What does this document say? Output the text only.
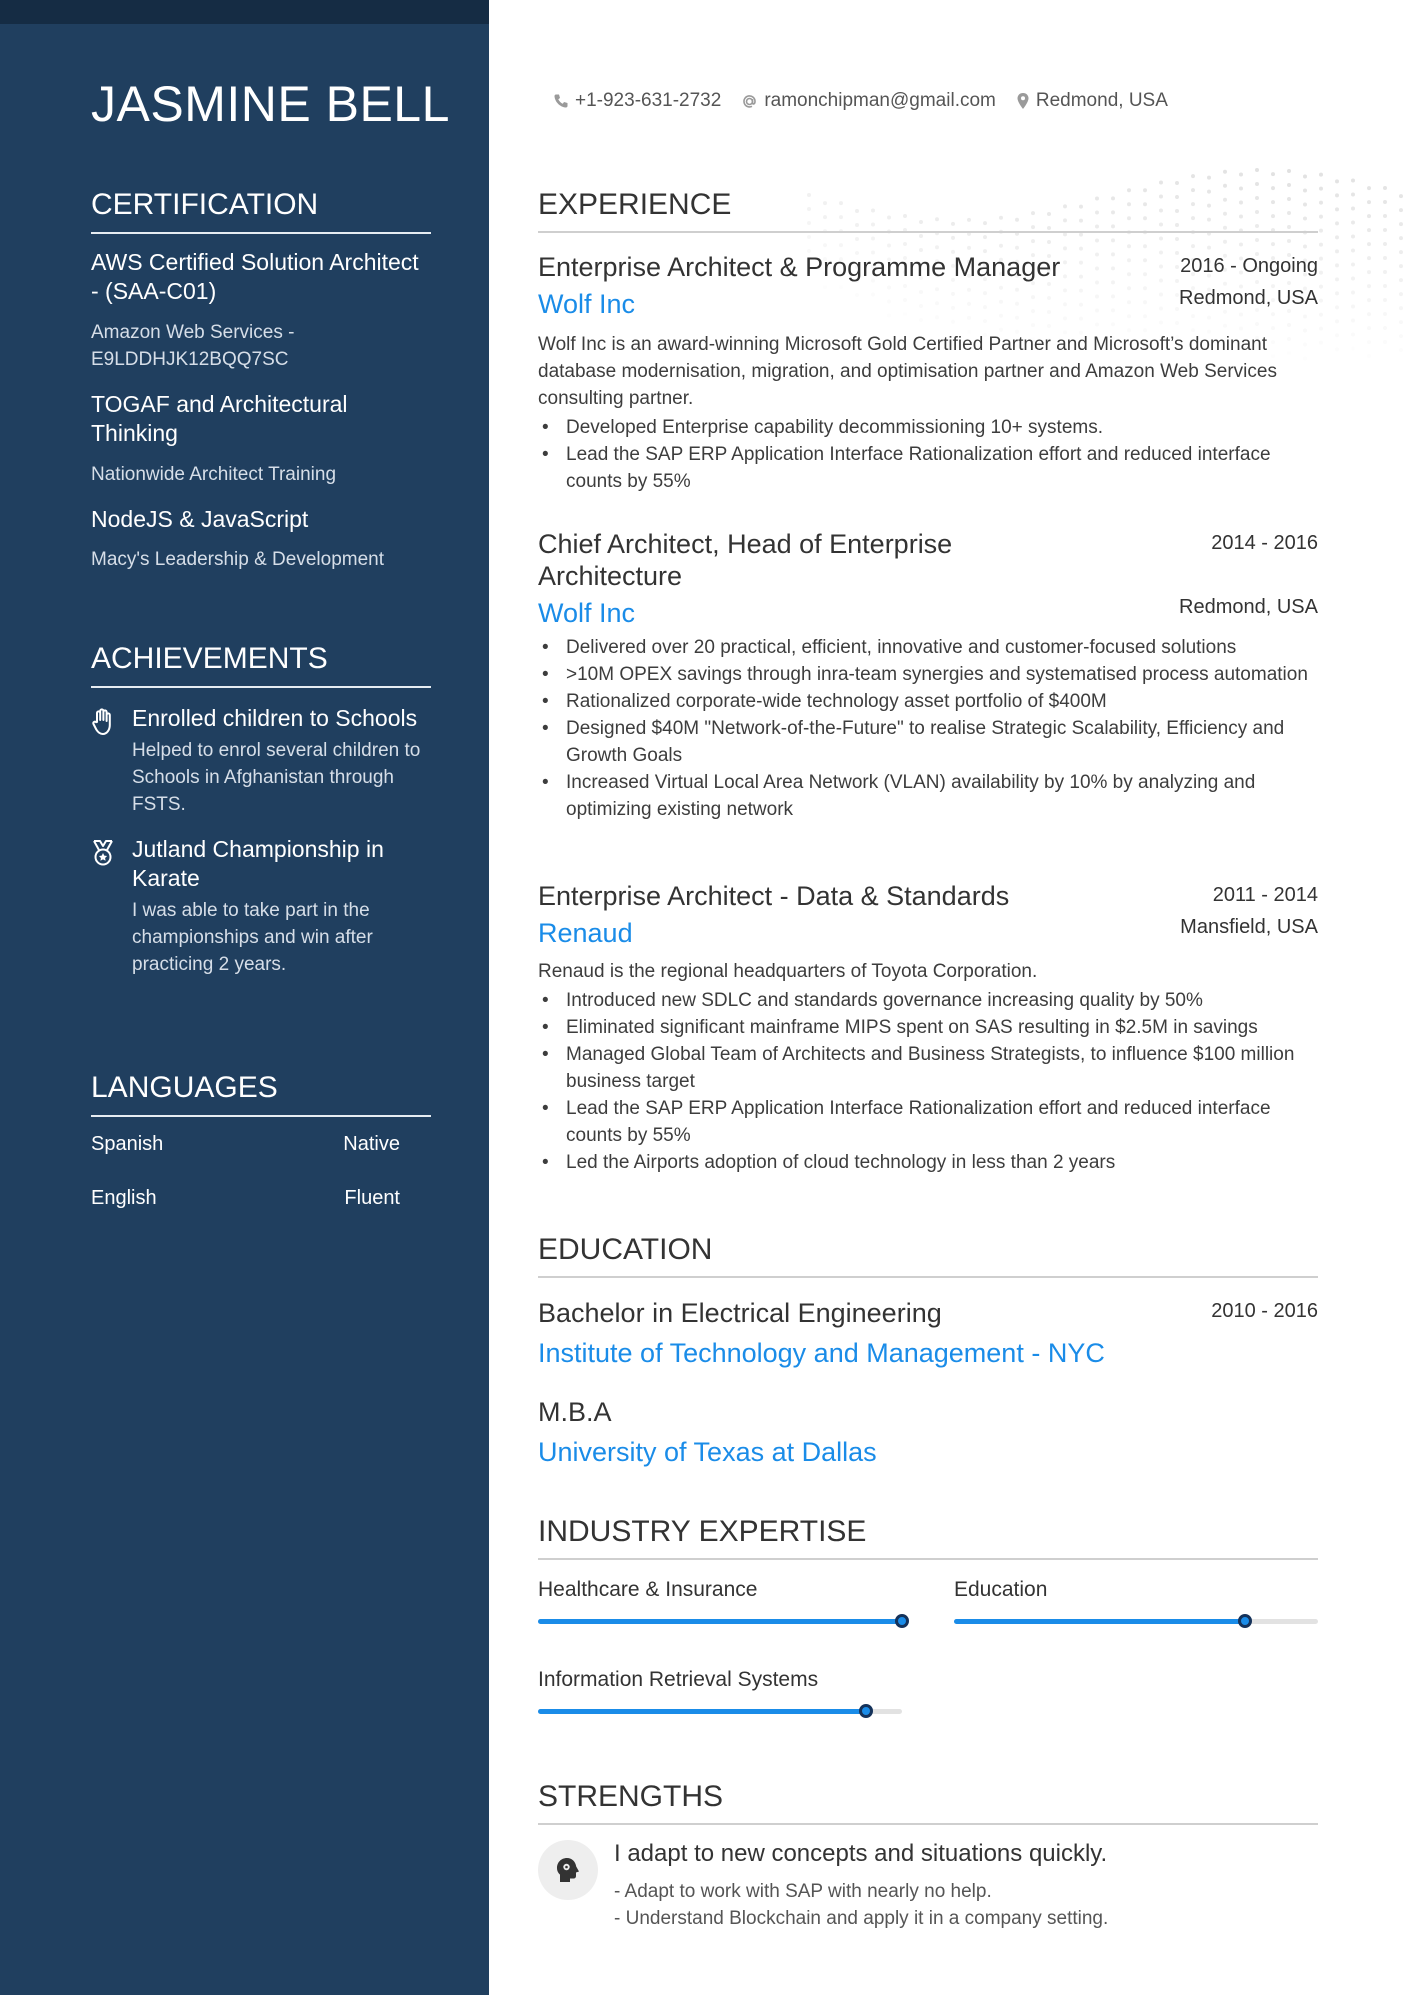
JASMINE BELL
CERTIFICATION
AWS Certified Solution Architect - (SAA-C01)
Amazon Web Services - E9LDDHJK12BQQ7SC
TOGAF and Architectural Thinking
Nationwide Architect Training
NodeJS & JavaScript
Macy's Leadership & Development
ACHIEVEMENTS
Enrolled children to Schools
Helped to enrol several children to Schools in Afghanistan through FSTS.
Jutland Championship in Karate
I was able to take part in the championships and win after practicing 2 years.
LANGUAGES
Spanish	Native
English	Fluent
+1-923-631-2732 ramonchipman@gmail.com Redmond, USA
EXPERIENCE
Enterprise Architect & Programme Manager	2016 - Ongoing
Wolf Inc	Redmond, USA
Wolf Inc is an award-winning Microsoft Gold Certified Partner and Microsoft’s dominant database modernisation, migration, and optimisation partner and Amazon Web Services consulting partner.
• Developed Enterprise capability decommissioning 10+ systems.
• Lead the SAP ERP Application Interface Rationalization effort and reduced interface counts by 55%
Chief Architect, Head of Enterprise Architecture
2014 - 2016
Wolf Inc	Redmond, USA
• Delivered over 20 practical, efficient, innovative and customer-focused solutions
• >10M OPEX savings through inra-team synergies and systematised process automation
• Rationalized corporate-wide technology asset portfolio of $400M
• Designed $40M "Network-of-the-Future" to realise Strategic Scalability, Efficiency and Growth Goals
• Increased Virtual Local Area Network (VLAN) availability by 10% by analyzing and optimizing existing network
Enterprise Architect - Data & Standards	2011 - 2014
Renaud	Mansfield, USA
Renaud is the regional headquarters of Toyota Corporation.
• Introduced new SDLC and standards governance increasing quality by 50%
• Eliminated significant mainframe MIPS spent on SAS resulting in $2.5M in savings
• Managed Global Team of Architects and Business Strategists, to influence $100 million business target
• Lead the SAP ERP Application Interface Rationalization effort and reduced interface counts by 55%
• Led the Airports adoption of cloud technology in less than 2 years
EDUCATION
Bachelor in Electrical Engineering	2010 - 2016
Institute of Technology and Management - NYC
M.B.A
University of Texas at Dallas
INDUSTRY EXPERTISE
Healthcare & Insurance	Education
Information Retrieval Systems
STRENGTHS
I adapt to new concepts and situations quickly.
- Adapt to work with SAP with nearly no help.
- Understand Blockchain and apply it in a company setting.
